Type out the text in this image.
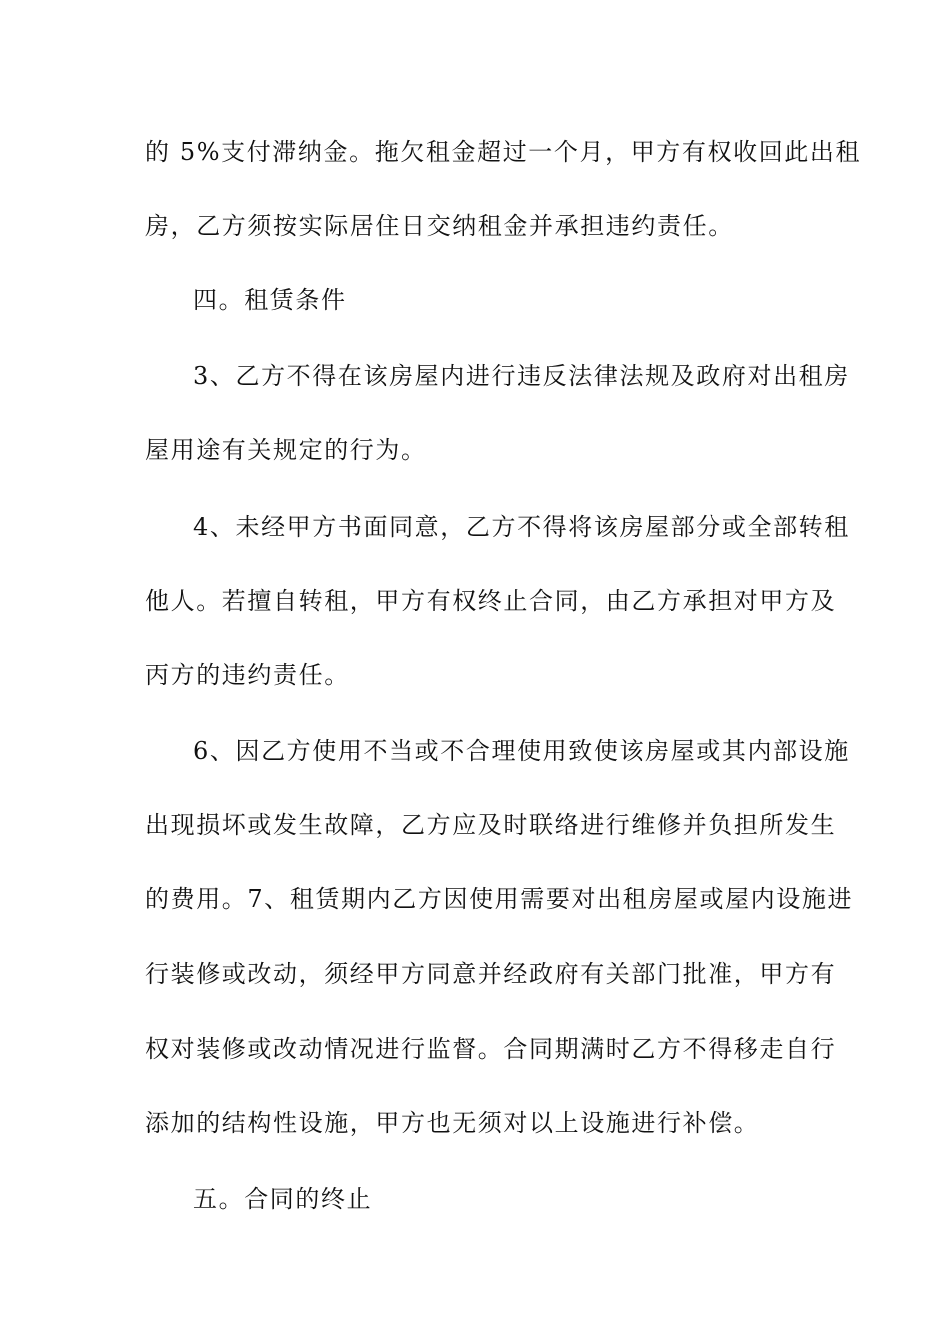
的 5%支付滞纳金。拖欠租金超过一个月，甲方有权收回此出租
房，乙方须按实际居住日交纳租金并承担违约责任。
四。租赁条件
3、乙方不得在该房屋内进行违反法律法规及政府对出租房
屋用途有关规定的行为。
4、未经甲方书面同意，乙方不得将该房屋部分或全部转租
他人。若擅自转租，甲方有权终止合同，由乙方承担对甲方及
丙方的违约责任。
6、因乙方使用不当或不合理使用致使该房屋或其内部设施
出现损坏或发生故障，乙方应及时联络进行维修并负担所发生
的费用。7、租赁期内乙方因使用需要对出租房屋或屋内设施进
行装修或改动，须经甲方同意并经政府有关部门批准，甲方有
权对装修或改动情况进行监督。合同期满时乙方不得移走自行
添加的结构性设施，甲方也无须对以上设施进行补偿。
五。合同的终止
